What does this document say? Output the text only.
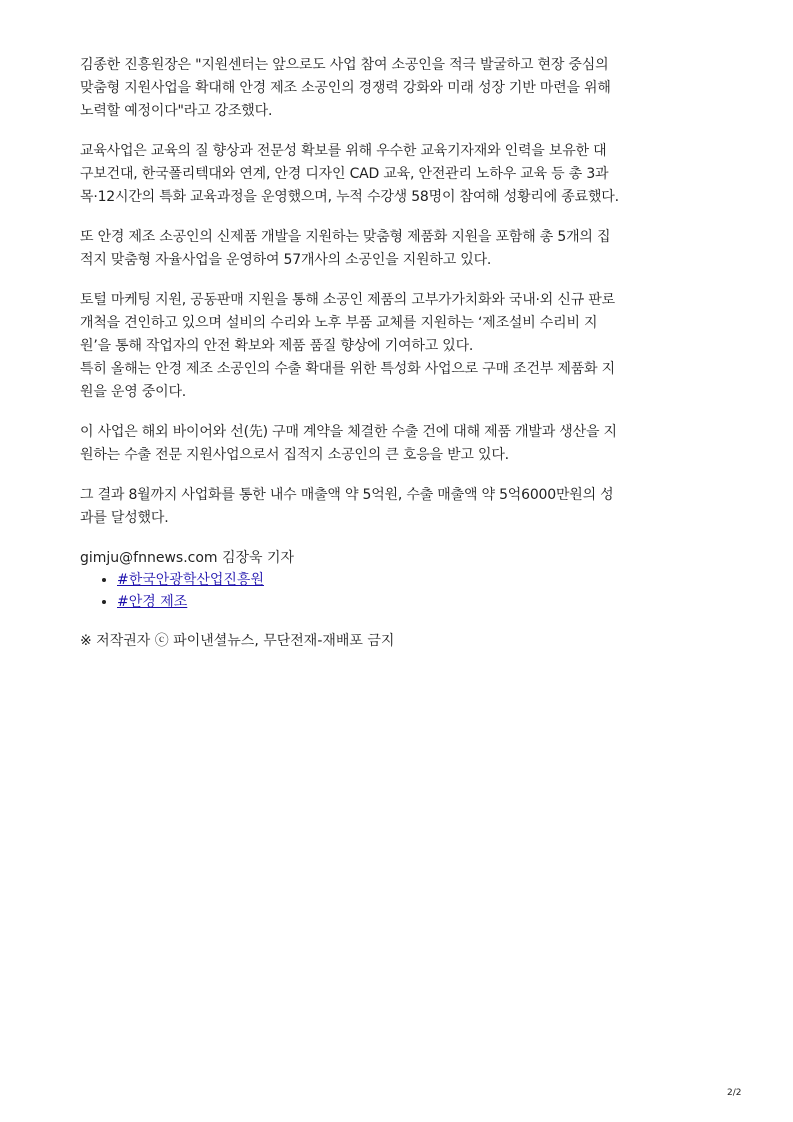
김종한 진흥원장은 "지원센터는 앞으로도 사업 참여 소공인을 적극 발굴하고 현장 중심의
맞춤형 지원사업을 확대해 안경 제조 소공인의 경쟁력 강화와 미래 성장 기반 마련을 위해
노력할 예정이다"라고 강조했다.

교육사업은 교육의 질 향상과 전문성 확보를 위해 우수한 교육기자재와 인력을 보유한 대
구보건대, 한국폴리텍대와 연계, 안경 디자인 CAD 교육, 안전관리 노하우 교육 등 총 3과
목·12시간의 특화 교육과정을 운영했으며, 누적 수강생 58명이 참여해 성황리에 종료했다.

또 안경 제조 소공인의 신제품 개발을 지원하는 맞춤형 제품화 지원을 포함해 총 5개의 집
적지 맞춤형 자율사업을 운영하여 57개사의 소공인을 지원하고 있다.

토털 마케팅 지원, 공동판매 지원을 통해 소공인 제품의 고부가가치화와 국내·외 신규 판로
개척을 견인하고 있으며 설비의 수리와 노후 부품 교체를 지원하는 ‘제조설비 수리비 지
원’을 통해 작업자의 안전 확보와 제품 품질 향상에 기여하고 있다.
특히 올해는 안경 제조 소공인의 수출 확대를 위한 특성화 사업으로 구매 조건부 제품화 지
원을 운영 중이다.

이 사업은 해외 바이어와 선(先) 구매 계약을 체결한 수출 건에 대해 제품 개발과 생산을 지
원하는 수출 전문 지원사업으로서 집적지 소공인의 큰 호응을 받고 있다.

그 결과 8월까지 사업화를 통한 내수 매출액 약 5억원, 수출 매출액 약 5억6000만원의 성
과를 달성했다.

gimju@fnnews.com 김장욱 기자

• #한국안광학산업진흥원
• #안경 제조

※ 저작권자 ⓒ 파이낸셜뉴스, 무단전재-재배포 금지

2/2
